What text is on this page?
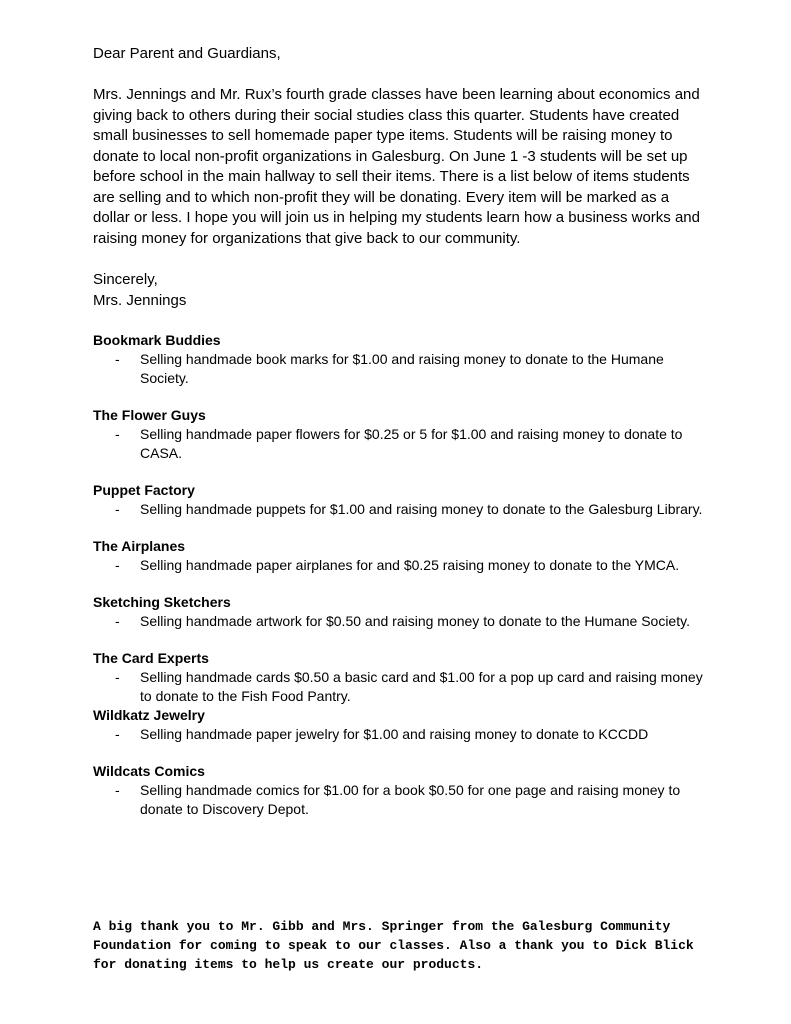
Dear Parent and Guardians,

Mrs. Jennings and Mr. Rux’s fourth grade classes have been learning about economics and giving back to others during their social studies class this quarter. Students have created small businesses to sell homemade paper type items. Students will be raising money to donate to local non-profit organizations in Galesburg. On June 1 -3 students will be set up before school in the main hallway to sell their items. There is a list below of items students are selling and to which non-profit they will be donating. Every item will be marked as a dollar or less. I hope you will join us in helping my students learn how a business works and raising money for organizations that give back to our community.

Sincerely,
Mrs. Jennings

Bookmark Buddies

- Selling handmade book marks for $1.00 and raising money to donate to the Humane Society.

The Flower Guys

- Selling handmade paper flowers for $0.25 or 5 for $1.00 and raising money to donate to CASA.

Puppet Factory

- Selling handmade puppets for $1.00 and raising money to donate to the Galesburg Library.

The Airplanes

- Selling handmade paper airplanes for and $0.25 raising money to donate to the YMCA.

Sketching Sketchers

- Selling handmade artwork for $0.50 and raising money to donate to the Humane Society.

The Card Experts

- Selling handmade cards $0.50 a basic card and $1.00 for a pop up card and raising money to donate to the Fish Food Pantry.

Wildkatz Jewelry

- Selling handmade paper jewelry for $1.00 and raising money to donate to KCCDD

Wildcats Comics

- Selling handmade comics for $1.00 for a book $0.50 for one page and raising money to donate to Discovery Depot.

A big thank you to Mr. Gibb and Mrs. Springer from the Galesburg Community Foundation for coming to speak to our classes. Also a thank you to Dick Blick for donating items to help us create our products.
